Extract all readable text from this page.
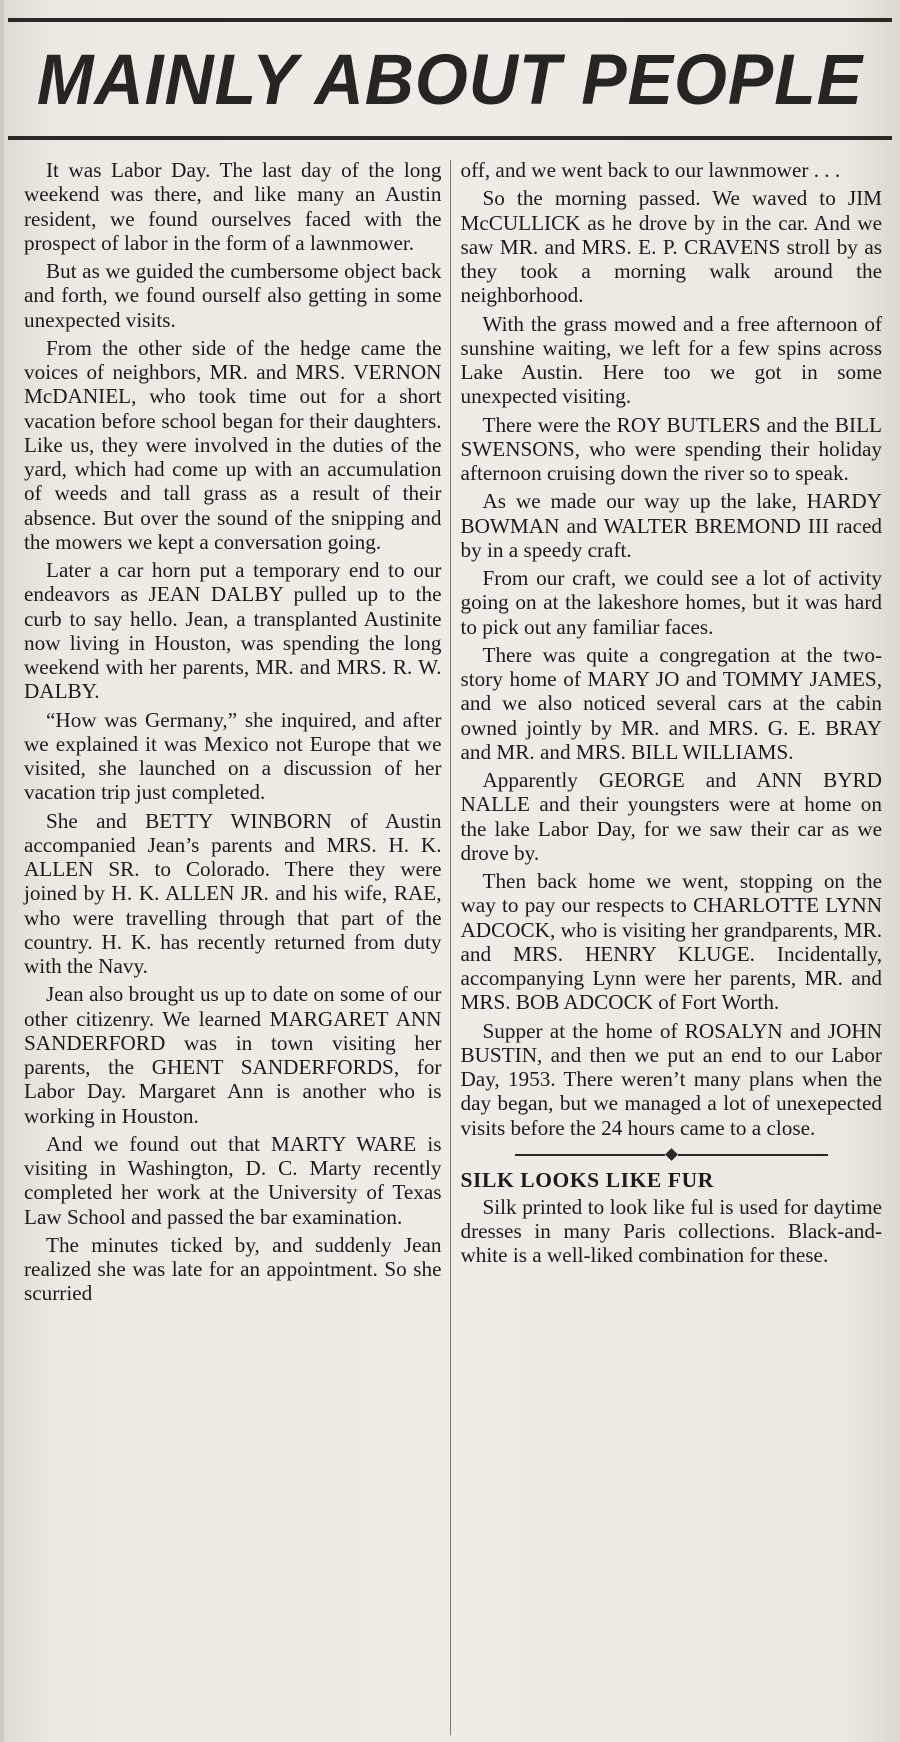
MAINLY ABOUT PEOPLE

It was Labor Day. The last day of the long weekend was there, and like many an Austin resident, we found ourselves faced with the prospect of labor in the form of a lawnmower.

But as we guided the cumbersome object back and forth, we found ourself also getting in some unexpected visits.

From the other side of the hedge came the voices of neighbors, MR. and MRS. VERNON McDANIEL, who took time out for a short vacation before school began for their daughters. Like us, they were involved in the duties of the yard, which had come up with an accumulation of weeds and tall grass as a result of their absence. But over the sound of the snipping and the mowers we kept a conversation going.

Later a car horn put a temporary end to our endeavors as JEAN DALBY pulled up to the curb to say hello. Jean, a transplanted Austinite now living in Houston, was spending the long weekend with her parents, MR. and MRS. R. W. DALBY.

“How was Germany,” she inquired, and after we explained it was Mexico not Europe that we visited, she launched on a discussion of her vacation trip just completed.

She and BETTY WINBORN of Austin accompanied Jean’s parents and MRS. H. K. ALLEN SR. to Colorado. There they were joined by H. K. ALLEN JR. and his wife, RAE, who were travelling through that part of the country. H. K. has recently returned from duty with the Navy.

Jean also brought us up to date on some of our other citizenry. We learned MARGARET ANN SANDERFORD was in town visiting her parents, the GHENT SANDERFORDS, for Labor Day. Margaret Ann is another who is working in Houston.

And we found out that MARTY WARE is visiting in Washington, D. C. Marty recently completed her work at the University of Texas Law School and passed the bar examination.

The minutes ticked by, and suddenly Jean realized she was late for an appointment. So she scurried

off, and we went back to our lawnmower . . .

So the morning passed. We waved to JIM McCULLICK as he drove by in the car. And we saw MR. and MRS. E. P. CRAVENS stroll by as they took a morning walk around the neighborhood.

With the grass mowed and a free afternoon of sunshine waiting, we left for a few spins across Lake Austin. Here too we got in some unexpected visiting.

There were the ROY BUTLERS and the BILL SWENSONS, who were spending their holiday afternoon cruising down the river so to speak.

As we made our way up the lake, HARDY BOWMAN and WALTER BREMOND III raced by in a speedy craft.

From our craft, we could see a lot of activity going on at the lakeshore homes, but it was hard to pick out any familiar faces.

There was quite a congregation at the two-story home of MARY JO and TOMMY JAMES, and we also noticed several cars at the cabin owned jointly by MR. and MRS. G. E. BRAY and MR. and MRS. BILL WILLIAMS.

Apparently GEORGE and ANN BYRD NALLE and their youngsters were at home on the lake Labor Day, for we saw their car as we drove by.

Then back home we went, stopping on the way to pay our respects to CHARLOTTE LYNN ADCOCK, who is visiting her grandparents, MR. and MRS. HENRY KLUGE. Incidentally, accompanying Lynn were her parents, MR. and MRS. BOB ADCOCK of Fort Worth.

Supper at the home of ROSALYN and JOHN BUSTIN, and then we put an end to our Labor Day, 1953. There weren’t many plans when the day began, but we managed a lot of unexepected visits before the 24 hours came to a close.

SILK LOOKS LIKE FUR

Silk printed to look like ful is used for daytime dresses in many Paris collections. Black-and-white is a well-liked combination for these.
